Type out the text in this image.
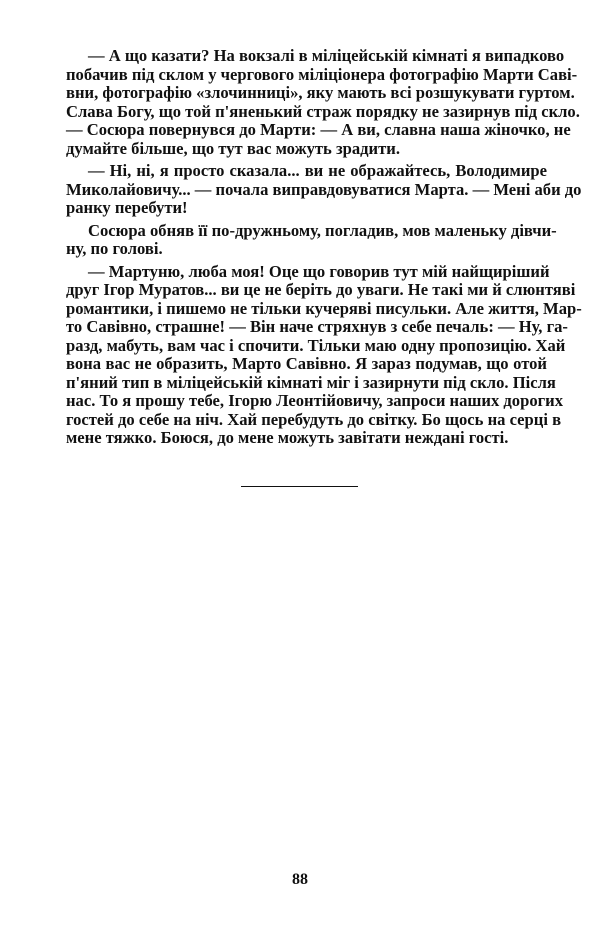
— А що казати? На вокзалі в міліцейській кімнаті я випадково
побачив під склом у чергового міліціонера фотографію Марти Саві-
вни, фотографію «злочинниці», яку мають всі розшукувати гуртом.
Слава Богу, що той п'яненький страж порядку не зазирнув під скло.
— Сосюра повернувся до Марти: — А ви, славна наша жіночко, не
думайте більше, що тут вас можуть зрадити.
— Ні, ні, я просто сказала... ви не ображайтесь, Володимире
Миколайовичу... — почала виправдовуватися Марта. — Мені аби до
ранку перебути!
Сосюра обняв її по-дружньому, погладив, мов маленьку дівчи-
ну, по голові.
— Мартуню, люба моя! Оце що говорив тут мій найщиріший
друг Ігор Муратов... ви це не беріть до уваги. Не такі ми й слюнтяві
романтики, і пишемо не тільки кучеряві писульки. Але життя, Мар-
то Савівно, страшне! — Він наче стряхнув з себе печаль: — Ну, га-
разд, мабуть, вам час і спочити. Тільки маю одну пропозицію. Хай
вона вас не образить, Марто Савівно. Я зараз подумав, що отой
п'яний тип в міліцейській кімнаті міг і зазирнути під скло. Після
нас. То я прошу тебе, Ігорю Леонтійовичу, запроси наших дорогих
гостей до себе на ніч. Хай перебудуть до світку. Бо щось на серці в
мене тяжко. Боюся, до мене можуть завітати неждані гості.
88
